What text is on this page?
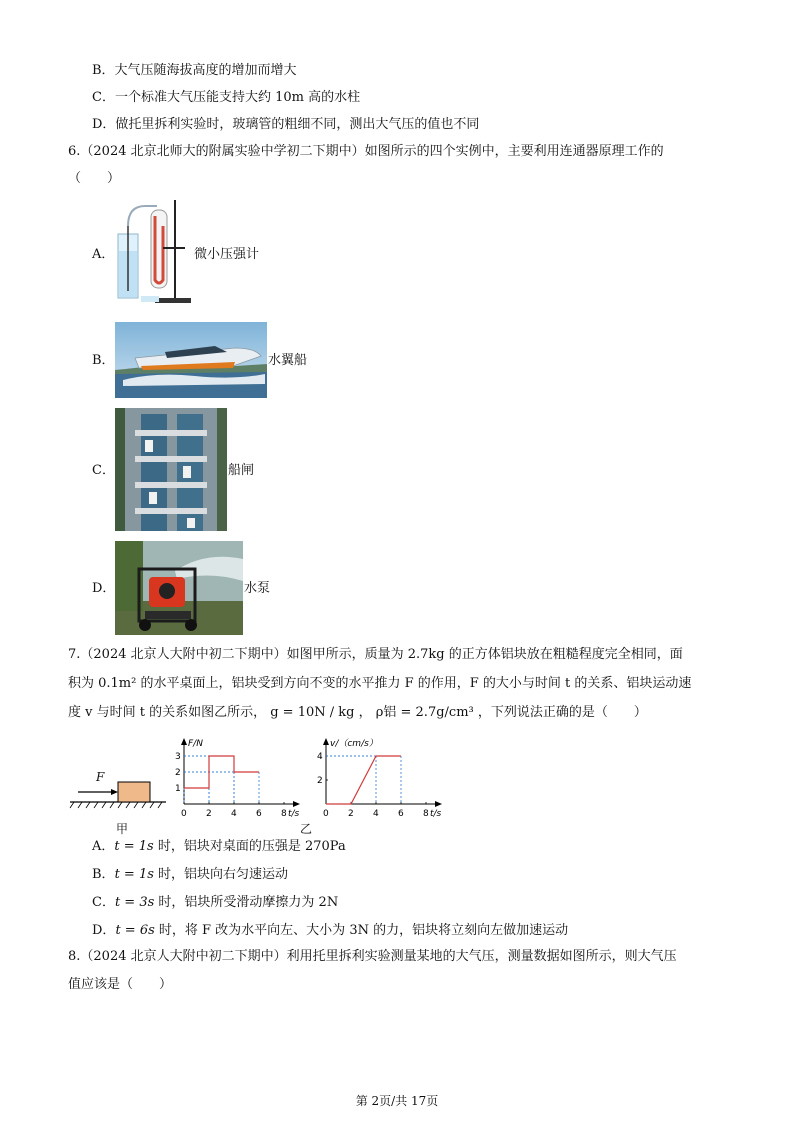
B．大气压随海拔高度的增加而增大
C．一个标准大气压能支持大约 10m 高的水柱
D．做托里拆利实验时，玻璃管的粗细不同，测出大气压的值也不同
6.（2024 北京北师大的附属实验中学初二下期中）如图所示的四个实例中，主要利用连通器原理工作的
（　　）
A．	微小压强计
B．	水翼船
C．	船闸
D．	水泵
7.（2024 北京人大附中初二下期中）如图甲所示，质量为 2.7kg 的正方体铝块放在粗糙程度完全相同，面
积为 0.1m² 的水平桌面上，铝块受到方向不变的水平推力 F 的作用，F 的大小与时间 t 的关系、铝块运动速
度 v 与时间 t 的关系如图乙所示， g = 10N / kg ， ρ铝 = 2.7g/cm³ ，下列说法正确的是（　　）
F
甲
F/N
t/s
0 2 4 6 8
1
2
3
v/（cm/s）
t/s
0 2 4 6 8
2
4
乙
A．t = 1s 时，铝块对桌面的压强是 270Pa
B．t = 1s 时，铝块向右匀速运动
C．t = 3s 时，铝块所受滑动摩擦力为 2N
D．t = 6s 时，将 F 改为水平向左、大小为 3N 的力，铝块将立刻向左做加速运动
8.（2024 北京人大附中初二下期中）利用托里拆利实验测量某地的大气压，测量数据如图所示，则大气压
值应该是（　　）
第 2页/共 17页
